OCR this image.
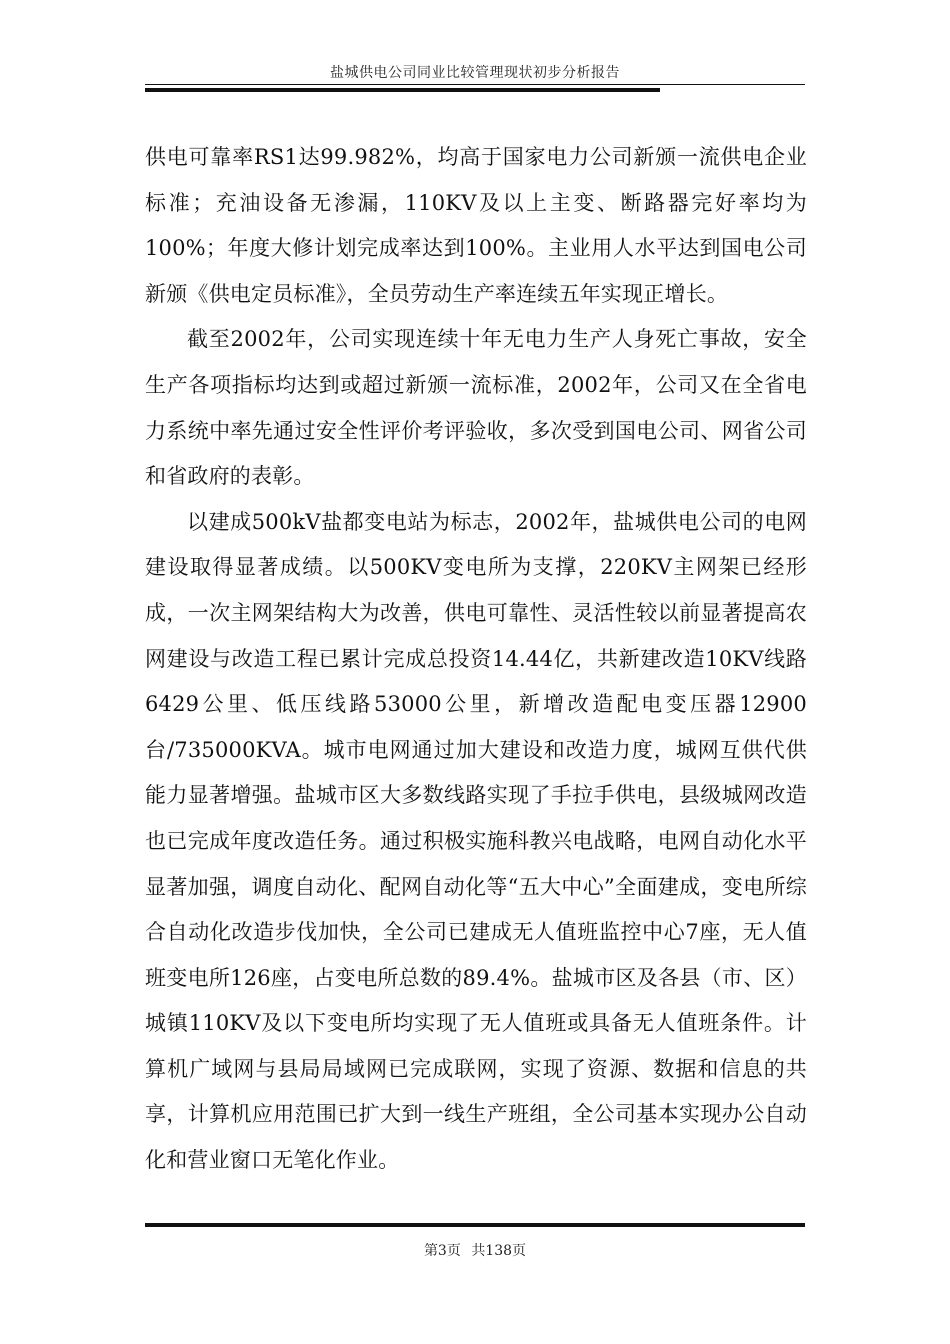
盐城供电公司同业比较管理现状初步分析报告

供电可靠率RS1达99.982%，均高于国家电力公司新颁一流供电企业标准；充油设备无渗漏，110KV及以上主变、断路器完好率均为100%；年度大修计划完成率达到100%。主业用人水平达到国电公司新颁《供电定员标准》，全员劳动生产率连续五年实现正增长。

截至2002年，公司实现连续十年无电力生产人身死亡事故，安全生产各项指标均达到或超过新颁一流标准，2002年，公司又在全省电力系统中率先通过安全性评价考评验收，多次受到国电公司、网省公司和省政府的表彰。

以建成500kV盐都变电站为标志，2002年，盐城供电公司的电网建设取得显著成绩。以500KV变电所为支撑，220KV主网架已经形成，一次主网架结构大为改善，供电可靠性、灵活性较以前显著提高农网建设与改造工程已累计完成总投资14.44亿，共新建改造10KV线路6429公里、低压线路53000公里，新增改造配电变压器12900台/735000KVA。城市电网通过加大建设和改造力度，城网互供代供能力显著增强。盐城市区大多数线路实现了手拉手供电，县级城网改造也已完成年度改造任务。通过积极实施科教兴电战略，电网自动化水平显著加强，调度自动化、配网自动化等“五大中心”全面建成，变电所综合自动化改造步伐加快，全公司已建成无人值班监控中心7座，无人值班变电所126座，占变电所总数的89.4%。盐城市区及各县（市、区）城镇110KV及以下变电所均实现了无人值班或具备无人值班条件。计算机广域网与县局局域网已完成联网，实现了资源、数据和信息的共享，计算机应用范围已扩大到一线生产班组，全公司基本实现办公自动化和营业窗口无笔化作业。

第3页 共138页
